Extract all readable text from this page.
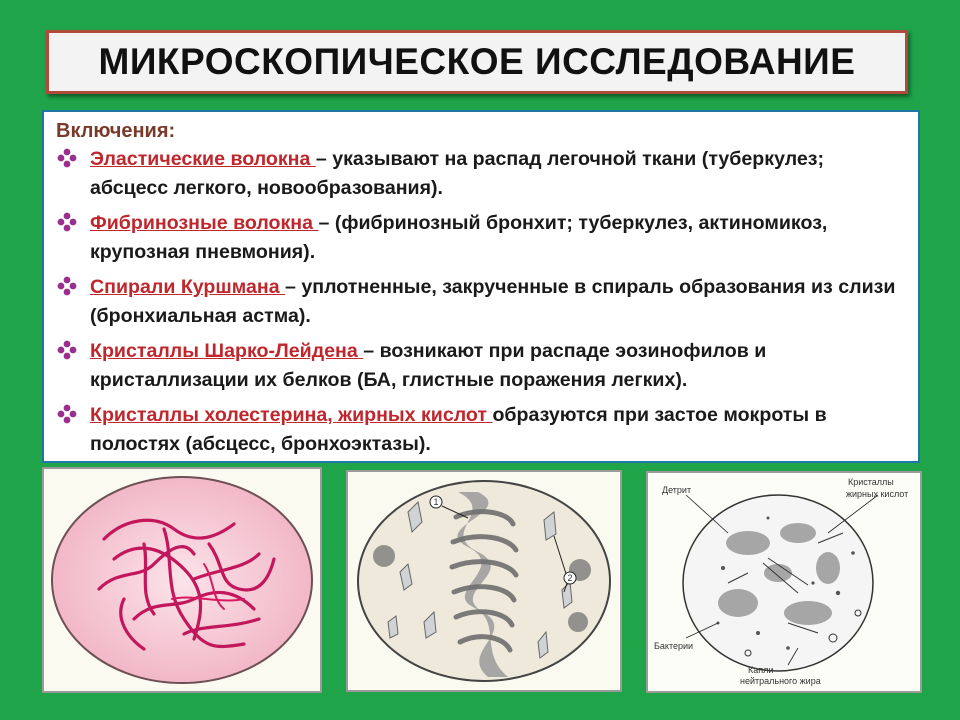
МИКРОСКОПИЧЕСКОЕ ИССЛЕДОВАНИЕ

Включения:

Эластические волокна – указывают на распад легочной ткани (туберкулез; абсцесс легкого, новообразования).
Фибринозные волокна – (фибринозный бронхит; туберкулез, актиномикоз, крупозная пневмония).
Спирали Куршмана – уплотненные, закрученные в спираль образования из слизи (бронхиальная астма).
Кристаллы Шарко-Лейдена – возникают при распаде эозинофилов и кристаллизации их белков (БА, глистные поражения легких).
Кристаллы холестерина, жирных кислот образуются при застое мокроты в полостях (абсцесс, бронхоэктазы).
1
2
Детрит
Кристаллы
жирных кислот
Бактерии
Капли
нейтрального жира
